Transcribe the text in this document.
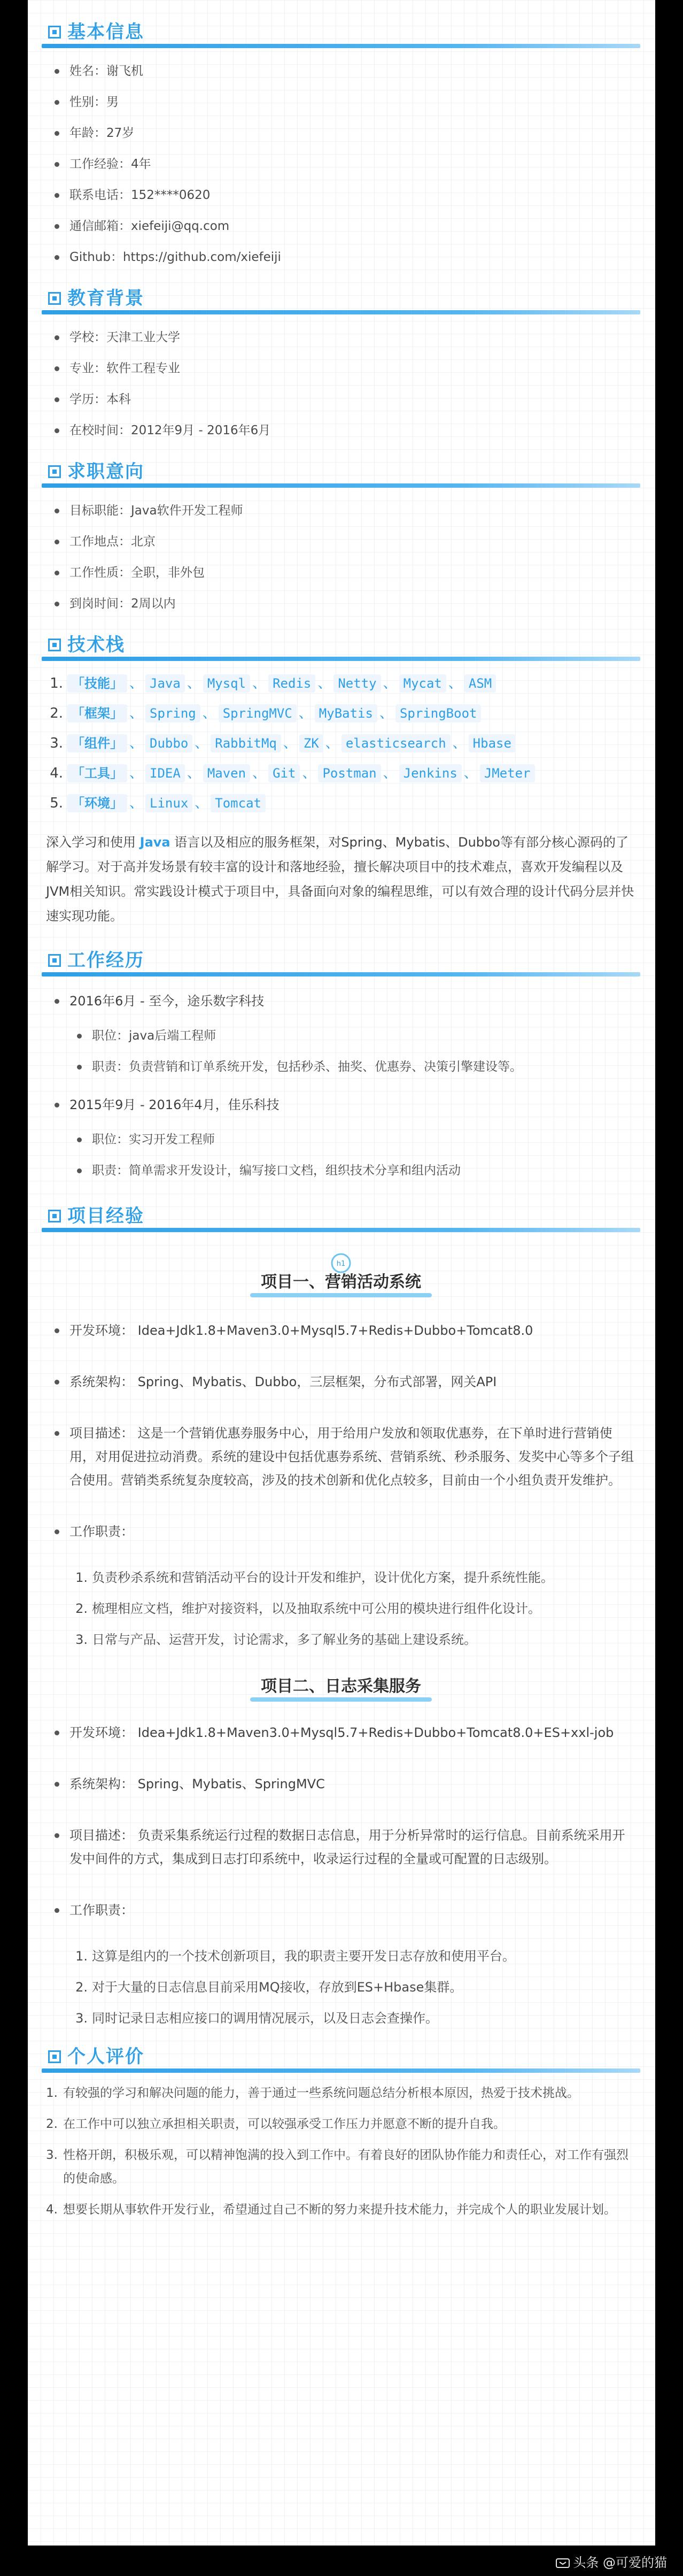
基本信息
姓名：谢飞机
性别：男
年龄：27岁
工作经验：4年
联系电话：152****0620
通信邮箱：xiefeiji@qq.com
Github：https://github.com/xiefeiji
教育背景
学校：天津工业大学
专业：软件工程专业
学历：本科
在校时间：2012年9月 - 2016年6月
求职意向
目标职能：Java软件开发工程师
工作地点：北京
工作性质：全职，非外包
到岗时间：2周以内
技术栈
1. 「技能」 、 Java 、 Mysql 、 Redis 、 Netty 、 Mycat 、 ASM
2. 「框架」 、 Spring 、 SpringMVC 、 MyBatis 、 SpringBoot
3. 「组件」 、 Dubbo 、 RabbitMq 、 ZK 、 elasticsearch 、 Hbase
4. 「工具」 、 IDEA 、 Maven 、 Git 、 Postman 、 Jenkins 、 JMeter
5. 「环境」 、 Linux 、 Tomcat

深入学习和使用 Java 语言以及相应的服务框架，对Spring、Mybatis、Dubbo等有部分核心源码的了解学习。对于高并发场景有较丰富的设计和落地经验，擅长解决项目中的技术难点，喜欢开发编程以及JVM相关知识。常实践设计模式于项目中，具备面向对象的编程思维，可以有效合理的设计代码分层并快速实现功能。

工作经历
2016年6月 - 至今，途乐数字科技
职位：java后端工程师
职责：负责营销和订单系统开发，包括秒杀、抽奖、优惠券、决策引擎建设等。
2015年9月 - 2016年4月，佳乐科技
职位：实习开发工程师
职责：简单需求开发设计，编写接口文档，组织技术分享和组内活动
项目经验
h1
项目一、营销活动系统
开发环境： Idea+Jdk1.8+Maven3.0+Mysql5.7+Redis+Dubbo+Tomcat8.0
系统架构： Spring、Mybatis、Dubbo，三层框架，分布式部署，网关API
项目描述： 这是一个营销优惠券服务中心，用于给用户发放和领取优惠券，在下单时进行营销使用，对用促进拉动消费。系统的建设中包括优惠券系统、营销系统、秒杀服务、发奖中心等多个子组合使用。营销类系统复杂度较高，涉及的技术创新和优化点较多，目前由一个小组负责开发维护。
工作职责：
1. 负责秒杀系统和营销活动平台的设计开发和维护，设计优化方案，提升系统性能。
2. 梳理相应文档，维护对接资料，以及抽取系统中可公用的模块进行组件化设计。
3. 日常与产品、运营开发，讨论需求，多了解业务的基础上建设系统。
项目二、日志采集服务
开发环境： Idea+Jdk1.8+Maven3.0+Mysql5.7+Redis+Dubbo+Tomcat8.0+ES+xxl-job
系统架构： Spring、Mybatis、SpringMVC
项目描述： 负责采集系统运行过程的数据日志信息，用于分析异常时的运行信息。目前系统采用开发中间件的方式，集成到日志打印系统中，收录运行过程的全量或可配置的日志级别。
工作职责：
1. 这算是组内的一个技术创新项目，我的职责主要开发日志存放和使用平台。
2. 对于大量的日志信息目前采用MQ接收，存放到ES+Hbase集群。
3. 同时记录日志相应接口的调用情况展示，以及日志会查操作。
个人评价
1. 有较强的学习和解决问题的能力，善于通过一些系统问题总结分析根本原因，热爱于技术挑战。
2. 在工作中可以独立承担相关职责，可以较强承受工作压力并愿意不断的提升自我。
3. 性格开朗，积极乐观，可以精神饱满的投入到工作中。有着良好的团队协作能力和责任心，对工作有强烈的使命感。
4. 想要长期从事软件开发行业，希望通过自己不断的努力来提升技术能力，并完成个人的职业发展计划。
头条 @可爱的猫
